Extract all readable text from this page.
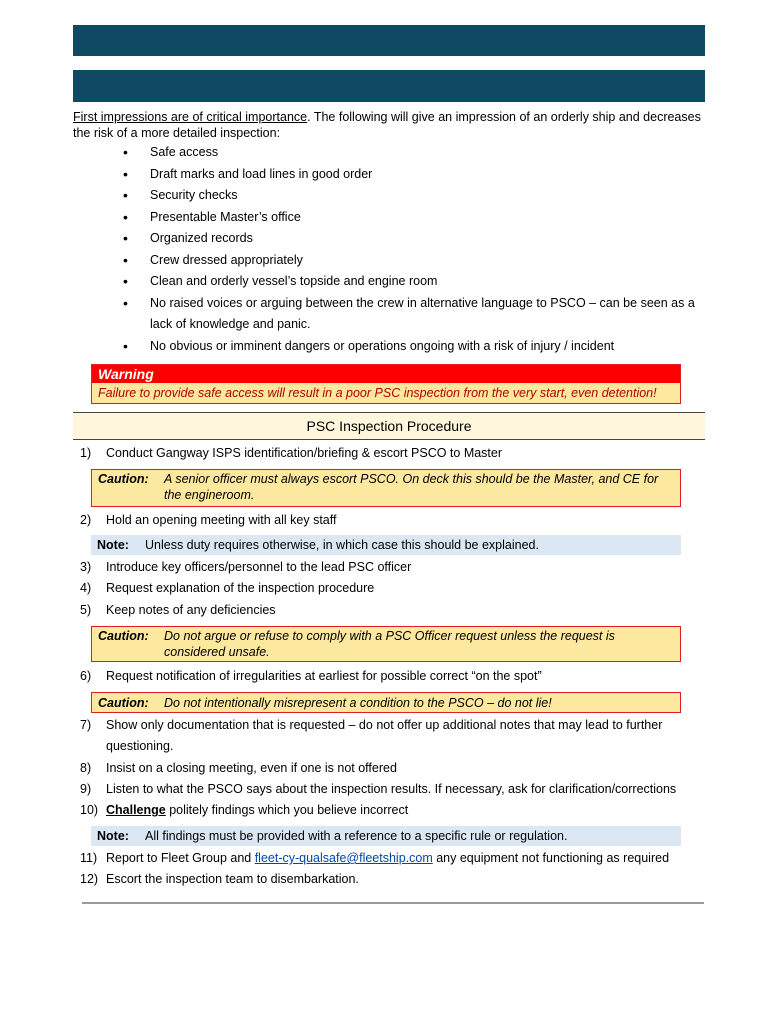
First impressions are of critical importance. The following will give an impression of an orderly ship and decreases the risk of a more detailed inspection:
• Safe access
• Draft marks and load lines in good order
• Security checks
• Presentable Master’s office
• Organized records
• Crew dressed appropriately
• Clean and orderly vessel’s topside and engine room
• No raised voices or arguing between the crew in alternative language to PSCO – can be seen as a lack of knowledge and panic.
• No obvious or imminent dangers or operations ongoing with a risk of injury / incident
Warning
Failure to provide safe access will result in a poor PSC inspection from the very start, even detention!
PSC Inspection Procedure
1) Conduct Gangway ISPS identification/briefing & escort PSCO to Master
Caution: A senior officer must always escort PSCO. On deck this should be the Master, and CE for the engineroom.
2) Hold an opening meeting with all key staff
Note: Unless duty requires otherwise, in which case this should be explained.
3) Introduce key officers/personnel to the lead PSC officer
4) Request explanation of the inspection procedure
5) Keep notes of any deficiencies
Caution: Do not argue or refuse to comply with a PSC Officer request unless the request is considered unsafe.
6) Request notification of irregularities at earliest for possible correct “on the spot”
Caution: Do not intentionally misrepresent a condition to the PSCO – do not lie!
7) Show only documentation that is requested – do not offer up additional notes that may lead to further questioning.
8) Insist on a closing meeting, even if one is not offered
9) Listen to what the PSCO says about the inspection results. If necessary, ask for clarification/corrections
10) Challenge politely findings which you believe incorrect
Note: All findings must be provided with a reference to a specific rule or regulation.
11) Report to Fleet Group and fleet-cy-qualsafe@fleetship.com any equipment not functioning as required
12) Escort the inspection team to disembarkation.
